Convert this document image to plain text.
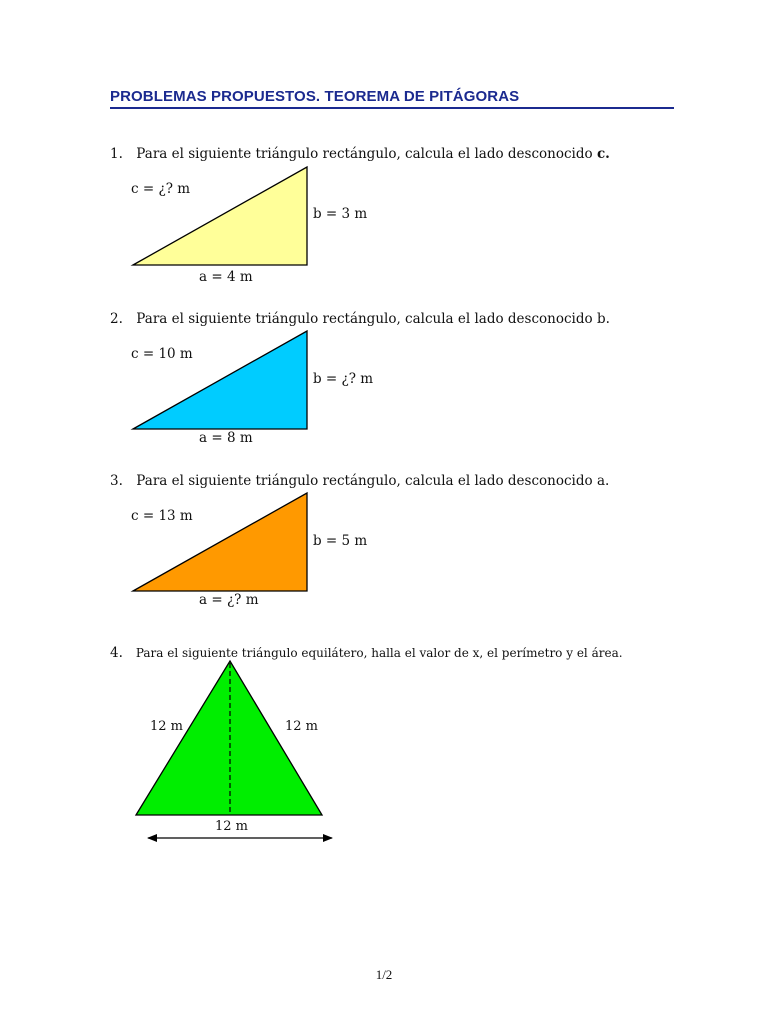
PROBLEMAS PROPUESTOS. TEOREMA DE PITÁGORAS
1. Para el siguiente triángulo rectángulo, calcula el lado desconocido c.
c = ¿? m
b = 3 m
a = 4 m
2. Para el siguiente triángulo rectángulo, calcula el lado desconocido b.
c = 10 m
b = ¿? m
a = 8 m
3. Para el siguiente triángulo rectángulo, calcula el lado desconocido a.
c = 13 m
b = 5 m
a = ¿? m
4. Para el siguiente triángulo equilátero, halla el valor de x, el perímetro y el área.
12 m	12 m
12 m
1/2
